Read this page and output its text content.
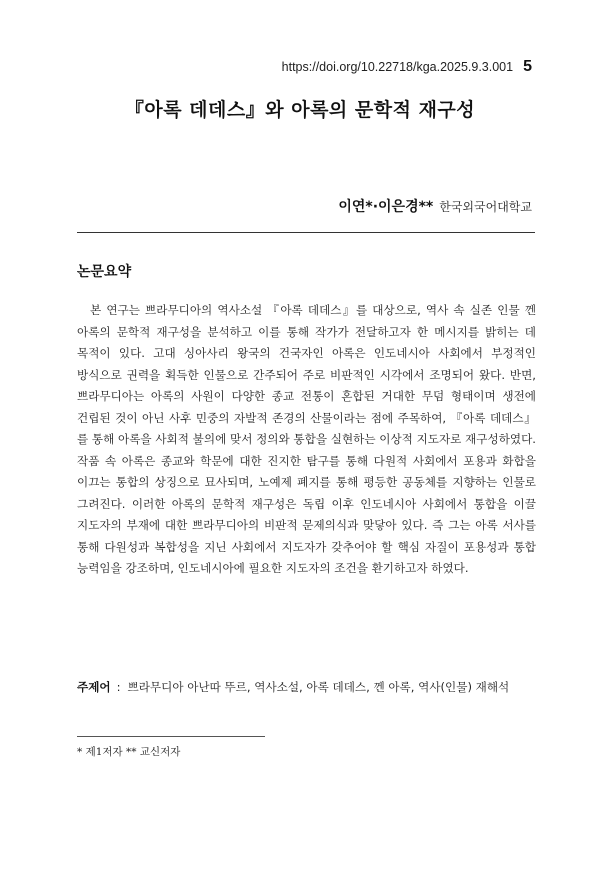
https://doi.org/10.22718/kga.2025.9.3.001 5
『아록 데데스』와 아록의 문학적 재구성
이연*·이은경** 한국외국어대학교
논문요약

본 연구는 쁘라무디아의 역사소설 『아록 데데스』를 대상으로, 역사 속 실존 인물 껜 아록의 문학적 재구성을 분석하고 이를 통해 작가가 전달하고자 한 메시지를 밝히는 데 목적이 있다. 고대 싱아사리 왕국의 건국자인 아록은 인도네시아 사회에서 부정적인 방식으로 권력을 획득한 인물으로 간주되어 주로 비판적인 시각에서 조명되어 왔다. 반면, 쁘라무디아는 아록의 사원이 다양한 종교 전통이 혼합된 거대한 무덤 형태이며 생전에 건립된 것이 아닌 사후 민중의 자발적 존경의 산물이라는 점에 주목하여, 『아록 데데스』를 통해 아록을 사회적 불의에 맞서 정의와 통합을 실현하는 이상적 지도자로 재구성하였다. 작품 속 아록은 종교와 학문에 대한 진지한 탐구를 통해 다원적 사회에서 포용과 화합을 이끄는 통합의 상징으로 묘사되며, 노예제 폐지를 통해 평등한 공동체를 지향하는 인물로 그려진다. 이러한 아록의 문학적 재구성은 독립 이후 인도네시아 사회에서 통합을 이끌 지도자의 부재에 대한 쁘라무디아의 비판적 문제의식과 맞닿아 있다. 즉 그는 아록 서사를 통해 다원성과 복합성을 지닌 사회에서 지도자가 갖추어야 할 핵심 자질이 포용성과 통합 능력임을 강조하며, 인도네시아에 필요한 지도자의 조건을 환기하고자 하였다.

주제어 : 쁘라무디아 아난따 뚜르, 역사소설, 아록 데데스, 껜 아록, 역사(인물) 재해석
* 제1저자 ** 교신저자
